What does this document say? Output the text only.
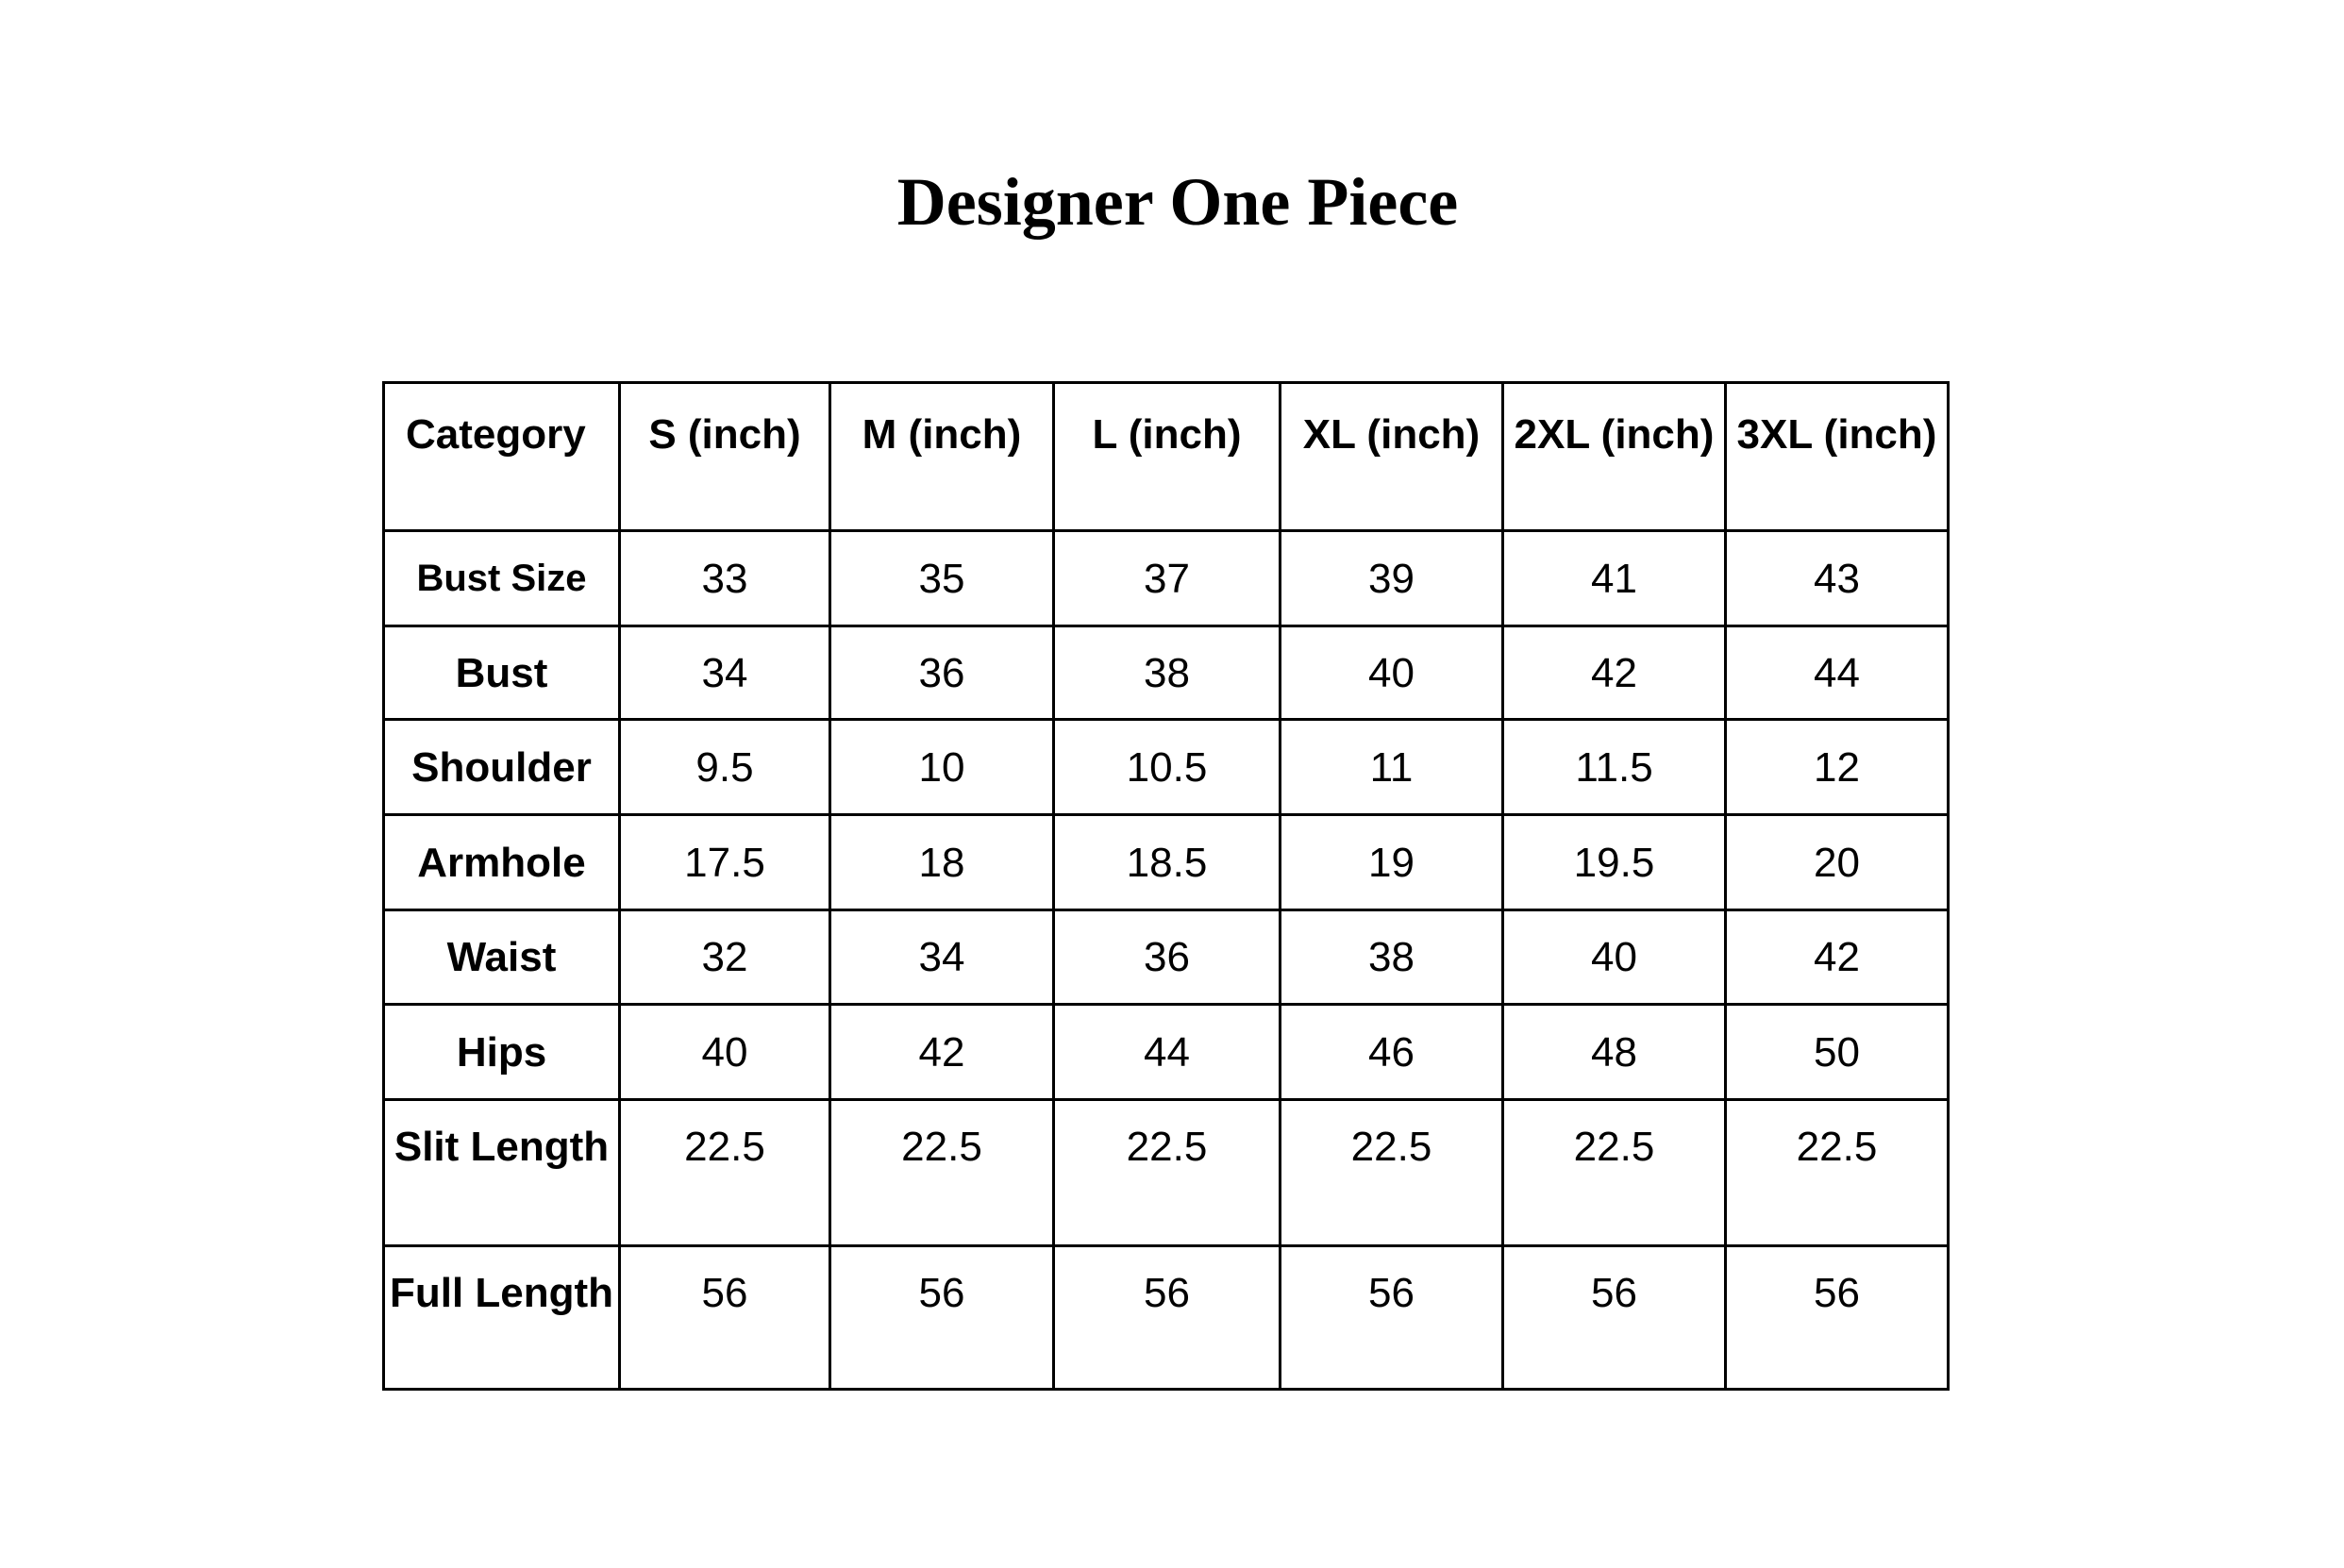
Designer One Piece
Category	S (inch)	M (inch)	L (inch)	XL (inch)	2XL (inch)	3XL (inch)
Bust Size	33	35	37	39	41	43
Bust	34	36	38	40	42	44
Shoulder	9.5	10	10.5	11	11.5	12
Armhole	17.5	18	18.5	19	19.5	20
Waist	32	34	36	38	40	42
Hips	40	42	44	46	48	50
Slit Length	22.5	22.5	22.5	22.5	22.5	22.5
Full Length	56	56	56	56	56	56
